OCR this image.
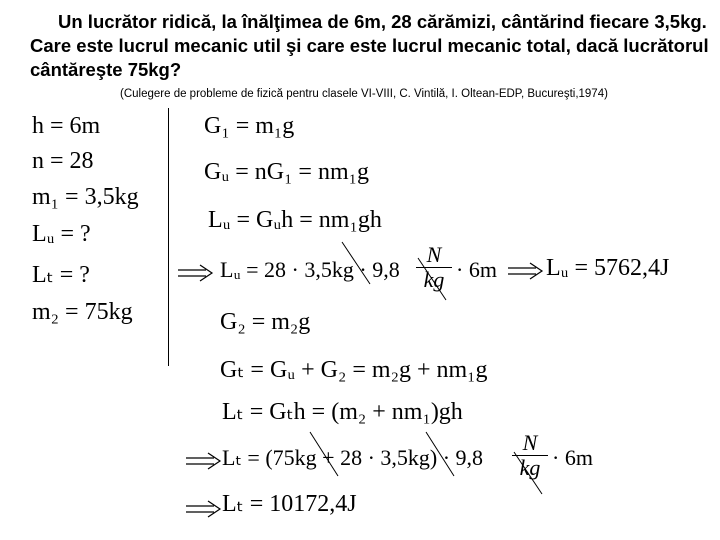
Un lucrător ridică, la înălţimea de 6m, 28 cărămizi, cântărind fiecare 3,5kg. Care este lucrul mecanic util şi care este lucrul mecanic total, dacă lucrătorul cântăreşte 75kg?

(Culegere de probleme de fizică pentru clasele VI-VIII, C. Vintilă, I. Oltean-EDP, Bucureşti,1974)
h = 6m
n = 28
m₁ = 3,5kg
Lᵤ = ?
Lₜ = ?
m₂ = 75kg
G₁ = m₁g
Gᵤ = nG₁ = nm₁g
Lᵤ = Gᵤh = nm₁gh
Lᵤ = 28 · 3,5kg · 9,8
N
kg · 6m Lᵤ = 5762,4J
G₂ = m₂g
Gₜ = Gᵤ + G₂ = m₂g + nm₁g
Lₜ = Gₜh = (m₂ + nm₁)gh
Lₜ = (75kg + 28 · 3,5kg) · 9,8
N
kg · 6m
Lₜ = 10172,4J
